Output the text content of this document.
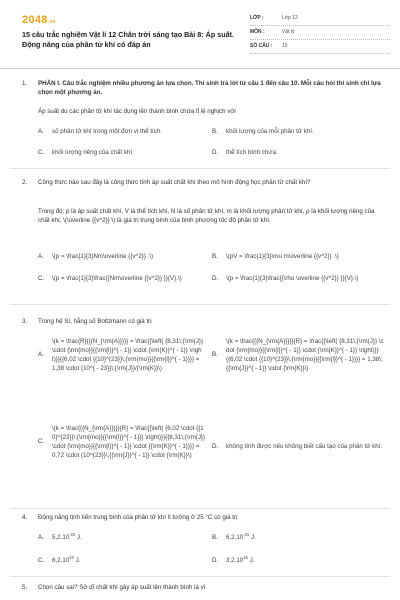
2048.vn
15 câu trắc nghiệm Vật lí 12 Chân trời sáng tạo Bài 8: Áp suất. Động năng của phân tử khí có đáp án
LỚP :	Lớp 12
MÔN :	Vật lý
SỐ CÂU :	15
1. PHẦN I. Câu trắc nghiệm nhiều phương án lựa chọn. Thí sinh trả lời từ câu 1 đến câu 10. Mỗi câu hỏi thí sinh chỉ lựa chọn một phương án.
Áp suất do các phân tử khí tác dụng lên thành bình chứa tỉ lệ nghịch với
A.	số phân tử khí trong một đơn vị thể tích.	B.	khối lượng của mỗi phân tử khí.
C.	khối lượng riêng của chất khí.	D.	thể tích bình chứa.
2. Công thức nào sau đây là công thức tính áp suất chất khí theo mô hình động học phân tử chất khí?
Trong đó: p là áp suất chất khí, V là thể tích khí, N là số phân tử khí, m là khối lượng phân tử khí, ρ là khối lượng riêng của chất khí, \(\overline {{v^2}} \) là giá trị trung bình của bình phương tốc độ phân tử khí.
A.	\(p = \frac{1}{3}Nm\overline {{v^2}} .\)	B.	\(pV = \frac{1}{3}\mu m\overline {{v^2}} .\)
C.	\(p = \frac{1}{3}\frac{{Nm\overline {{v^2}} }}{V}.\)	D.	\(p = \frac{1}{3}\frac{{\rho \overline {{v^2}} }}{V}.\)
3. Trong hệ SI, hằng số Boltzmann có giá trị
A.
\(k = \frac{R}{{{N_{\rm{A}}}}} = \frac{{\left( {8,31\;{\rm{J}} \cdot {\rm{mo}}{{\rm{l}}^{ - 1}} \cdot {\rm{K}}^{ - 1}} \right)}}{{6,02 \cdot {{10}^{23}}\;{\rm{mo}}{{\rm{l}}^{ - 1}}}} = 1,38 \cdot {10^{ - 23}}\;{\rm{J}}/{\rm{K}}\)
B.
\(k = \frac{{{N_{\rm{A}}}}}{R} = \frac{{\left( {8,31\;{\rm{J}} \cdot {\rm{mo}}{{\rm{l}}^{ - 1}} \cdot {\rm{K}}^{ - 1}} \right)}}{{6,02 \cdot {{10}^{23}}\;{\rm{mo}}{{\rm{l}}^{ - 1}}}} = 1,38\;{{\rm{J}}^{ - 1}} \cdot {\rm{K}}\)
C.
\(k = \frac{{{N_{\rm{A}}}}}{R} = \frac{{\left( {6,02 \cdot {{10}^{23}}\;{\rm{mo}}{{\rm{l}}^{ - 1}}} \right)}}{{8,31\;{\rm{J}} \cdot {\rm{mo}}{{\rm{l}}^{ - 1}} \cdot {{\rm{K}}^{ - 1}}}} = 0,72 \cdot {10^{23}}\;{{\rm{J}}^{ - 1}} \cdot {\rm{K}}\)
D.	không tính được nếu không biết cấu tạo của phân tử khí.
4. Động năng tịnh tiến trung bình của phân tử khí lí tưởng ở 25 °C có giá trị
A.	$5,2.10^{-22}$ J.	B.	$6,2.10^{-21}$ J.
C.	6,2.10$^{23}$ J.	D.	3,2.10$^{25}$ J.
5. Chọn câu sai? Sở dĩ chất khí gây áp suất lên thành bình là vì
